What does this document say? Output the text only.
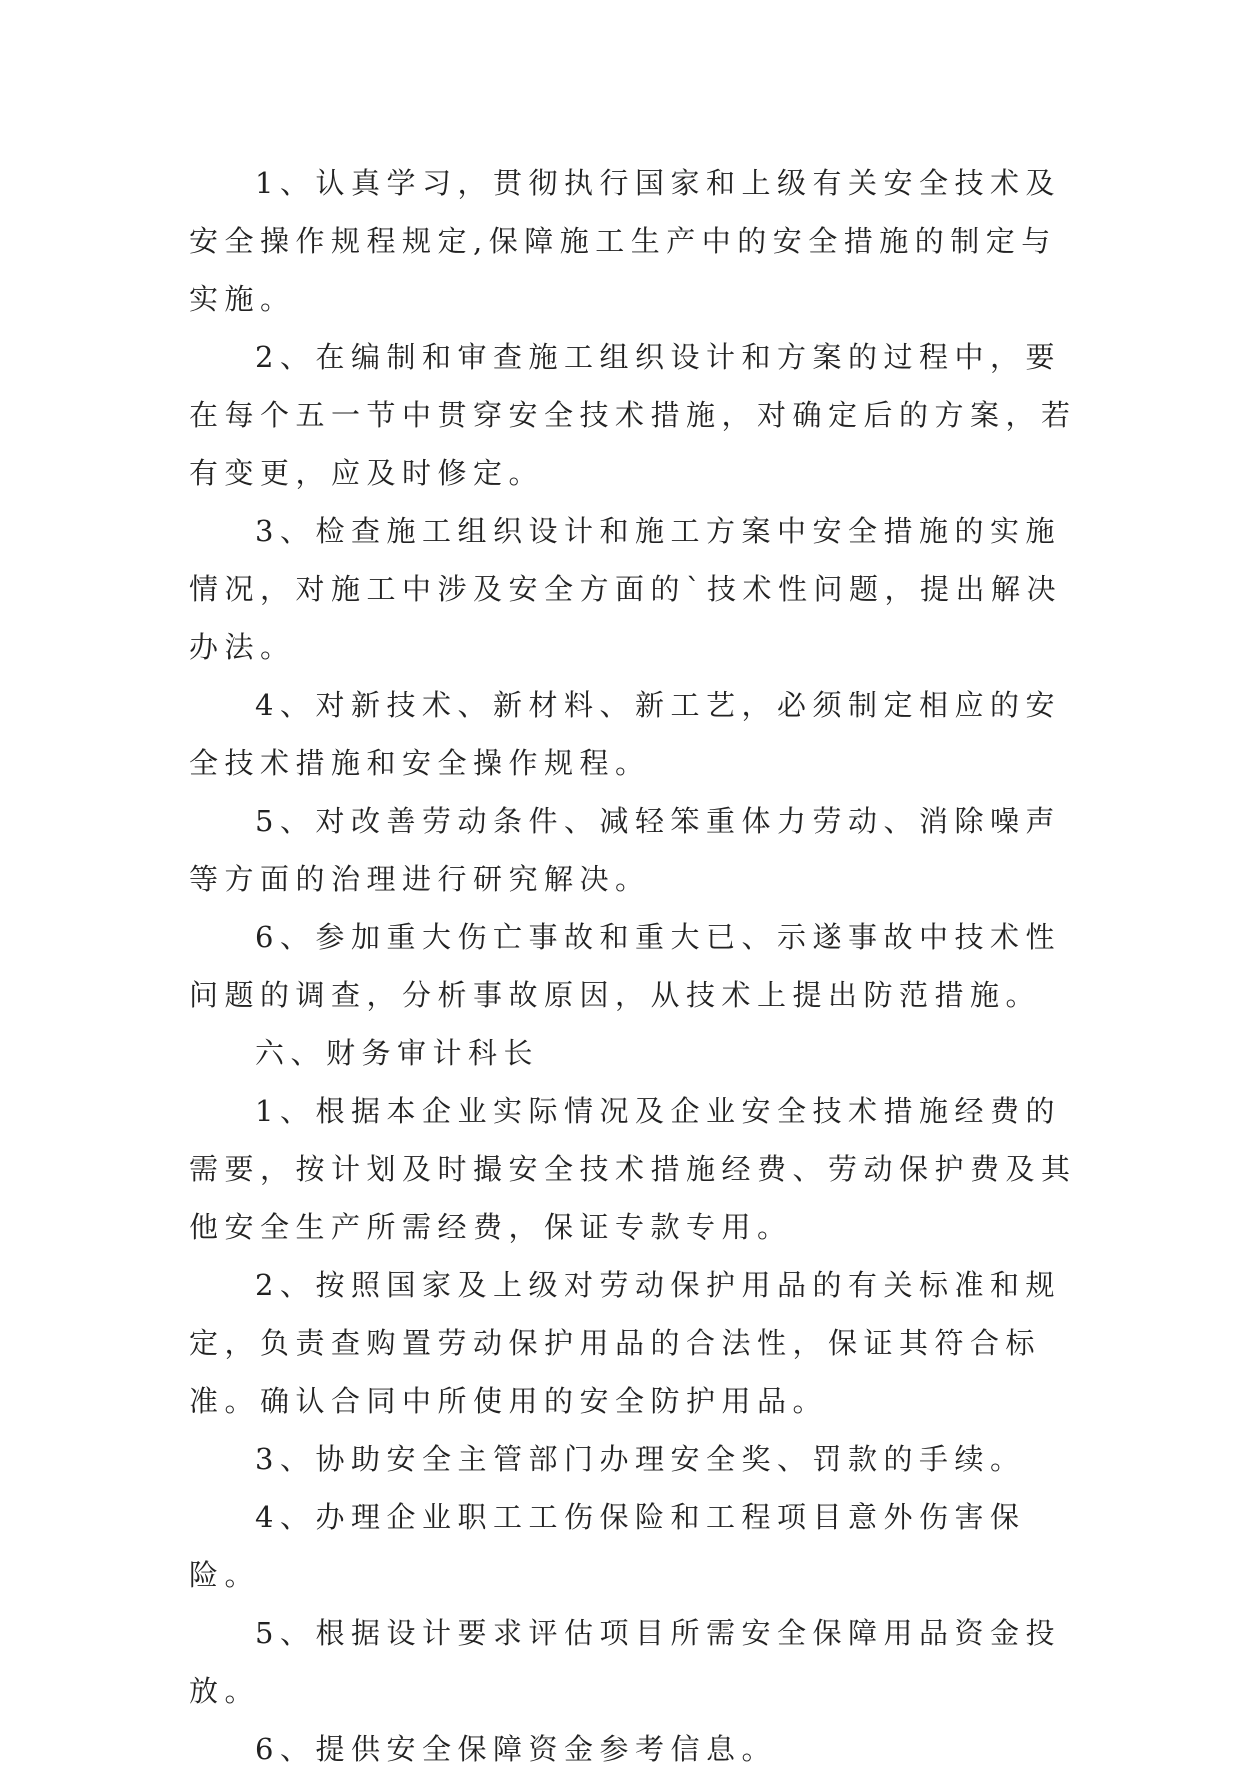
1、认真学习，贯彻执行国家和上级有关安全技术及安全操作规程规定,保障施工生产中的安全措施的制定与实施。

2、在编制和审查施工组织设计和方案的过程中，要在每个五一节中贯穿安全技术措施，对确定后的方案，若有变更，应及时修定。

3、检查施工组织设计和施工方案中安全措施的实施情况，对施工中涉及安全方面的`技术性问题，提出解决办法。

4、对新技术、新材料、新工艺，必须制定相应的安全技术措施和安全操作规程。

5、对改善劳动条件、减轻笨重体力劳动、消除噪声等方面的治理进行研究解决。

6、参加重大伤亡事故和重大已、示遂事故中技术性问题的调查，分析事故原因，从技术上提出防范措施。

六、财务审计科长

1、根据本企业实际情况及企业安全技术措施经费的需要，按计划及时撮安全技术措施经费、劳动保护费及其他安全生产所需经费，保证专款专用。

2、按照国家及上级对劳动保护用品的有关标准和规定，负责查购置劳动保护用品的合法性，保证其符合标准。确认合同中所使用的安全防护用品。

3、协助安全主管部门办理安全奖、罚款的手续。

4、办理企业职工工伤保险和工程项目意外伤害保险。

5、根据设计要求评估项目所需安全保障用品资金投放。

6、提供安全保障资金参考信息。
